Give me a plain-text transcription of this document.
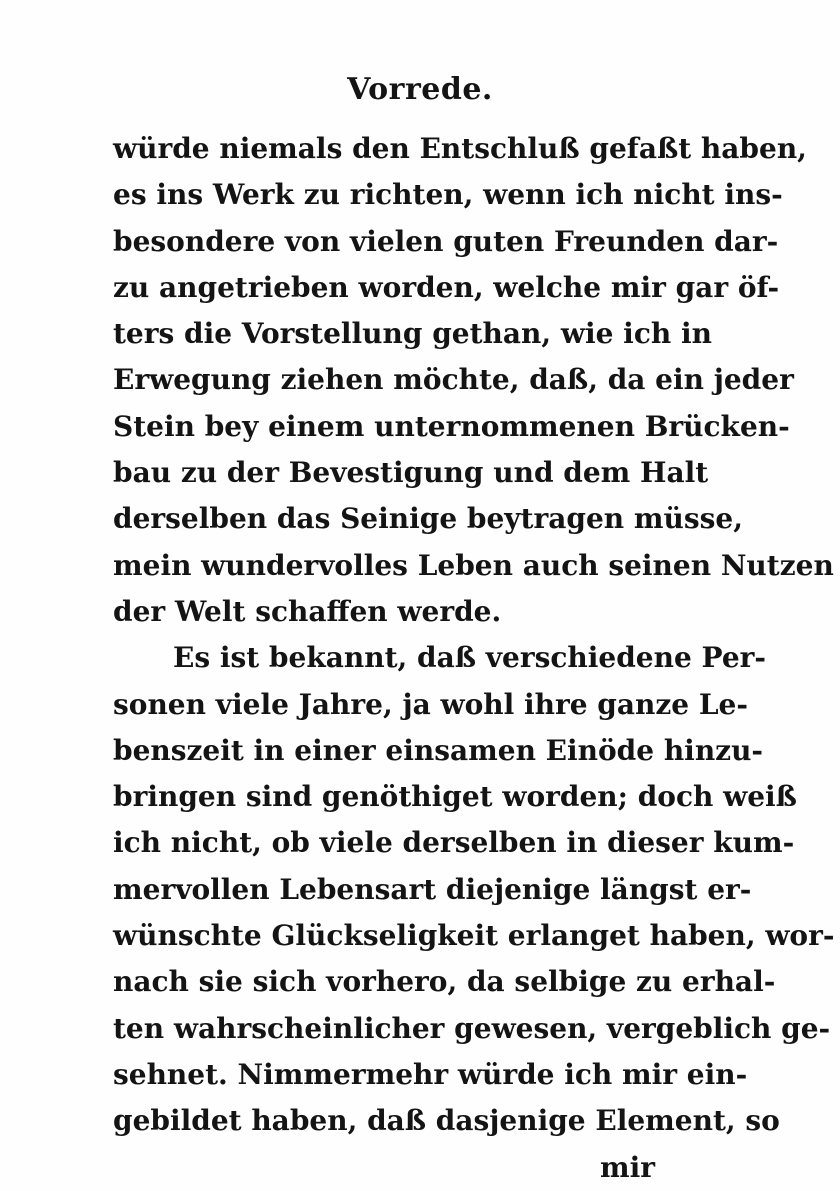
Vorrede.
würde niemals den Entschluß gefaßt haben,
es ins Werk zu richten, wenn ich nicht ins-
besondere von vielen guten Freunden dar-
zu angetrieben worden, welche mir gar öf-
ters die Vorstellung gethan, wie ich in
Erwegung ziehen möchte, daß, da ein jeder
Stein bey einem unternommenen Brücken-
bau zu der Bevestigung und dem Halt
derselben das Seinige beytragen müsse,
mein wundervolles Leben auch seinen Nutzen
der Welt schaffen werde.
Es ist bekannt, daß verschiedene Per-
sonen viele Jahre, ja wohl ihre ganze Le-
benszeit in einer einsamen Einöde hinzu-
bringen sind genöthiget worden; doch weiß
ich nicht, ob viele derselben in dieser kum-
mervollen Lebensart diejenige längst er-
wünschte Glückseligkeit erlanget haben, wor-
nach sie sich vorhero, da selbige zu erhal-
ten wahrscheinlicher gewesen, vergeblich ge-
sehnet. Nimmermehr würde ich mir ein-
gebildet haben, daß dasjenige Element, so
mir
